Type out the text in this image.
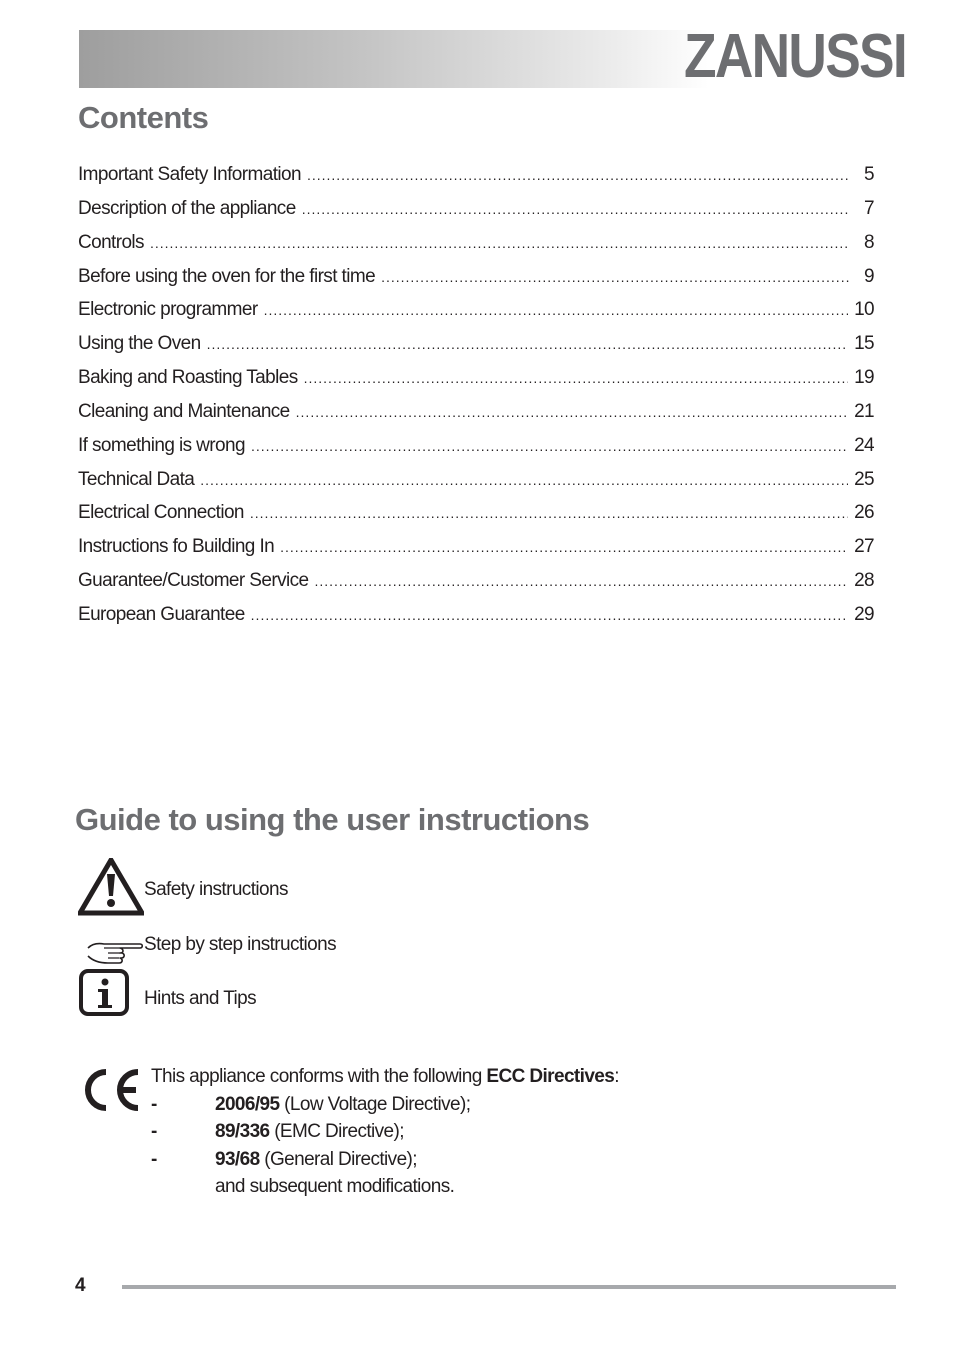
ZANUSSI
Contents
Important Safety Information .....	5
Description of the appliance .....	7
Controls .....	8
Before using the oven for the first time .....	9
Electronic programmer .....	10
Using the Oven .....	15
Baking and Roasting Tables .....	19
Cleaning and Maintenance .....	21
If something is wrong .....	24
Technical Data .....	25
Electrical Connection .....	26
Instructions fo Building In .....	27
Guarantee/Customer Service .....	28
European Guarantee .....	29
Guide to using the user instructions
Safety instructions
Step by step instructions
Hints and Tips
This appliance conforms with the following ECC Directives:
-	2006/95 (Low Voltage Directive);
-	89/336 (EMC Directive);
-	93/68 (General Directive);
and subsequent modifications.
4
